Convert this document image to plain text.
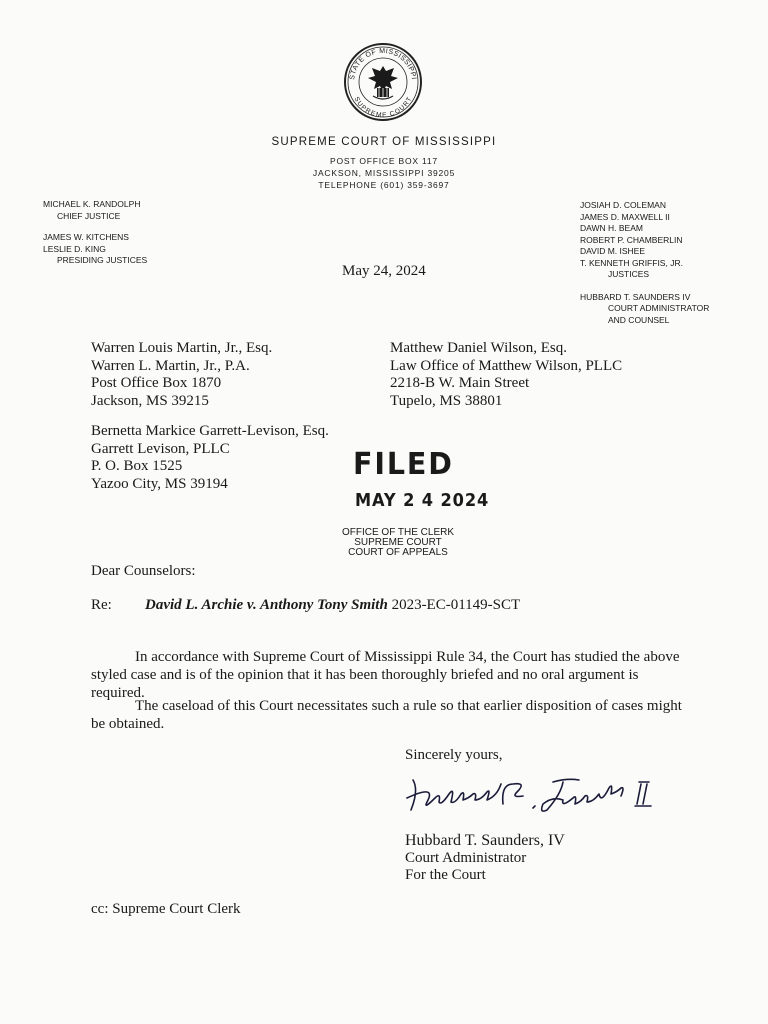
STATE OF MISSISSIPPI
SUPREME COURT
SUPREME COURT OF MISSISSIPPI
POST OFFICE BOX 117
JACKSON, MISSISSIPPI 39205
TELEPHONE (601) 359-3697
MICHAEL K. RANDOLPH
CHIEF JUSTICE
JAMES W. KITCHENS
LESLIE D. KING
PRESIDING JUSTICES
JOSIAH D. COLEMAN
JAMES D. MAXWELL II
DAWN H. BEAM
ROBERT P. CHAMBERLIN
DAVID M. ISHEE
T. KENNETH GRIFFIS, JR.
JUSTICES
HUBBARD T. SAUNDERS IV
COURT ADMINISTRATOR
AND COUNSEL
May 24, 2024
Warren Louis Martin, Jr., Esq.
Warren L. Martin, Jr., P.A.
Post Office Box 1870
Jackson, MS 39215
Matthew Daniel Wilson, Esq.
Law Office of Matthew Wilson, PLLC
2218-B W. Main Street
Tupelo, MS 38801
Bernetta Markice Garrett-Levison, Esq.
Garrett Levison, PLLC
P. O. Box 1525
Yazoo City, MS 39194
FILED
MAY 2 4 2024
OFFICE OF THE CLERK
SUPREME COURT
COURT OF APPEALS
Dear Counselors:
Re: David L. Archie v. Anthony Tony Smith 2023-EC-01149-SCT
In accordance with Supreme Court of Mississippi Rule 34, the Court has studied the above styled case and is of the opinion that it has been thoroughly briefed and no oral argument is required.
The caseload of this Court necessitates such a rule so that earlier disposition of cases might be obtained.
Sincerely yours,
Hubbard T. Saunders, IV
Court Administrator
For the Court
cc: Supreme Court Clerk
